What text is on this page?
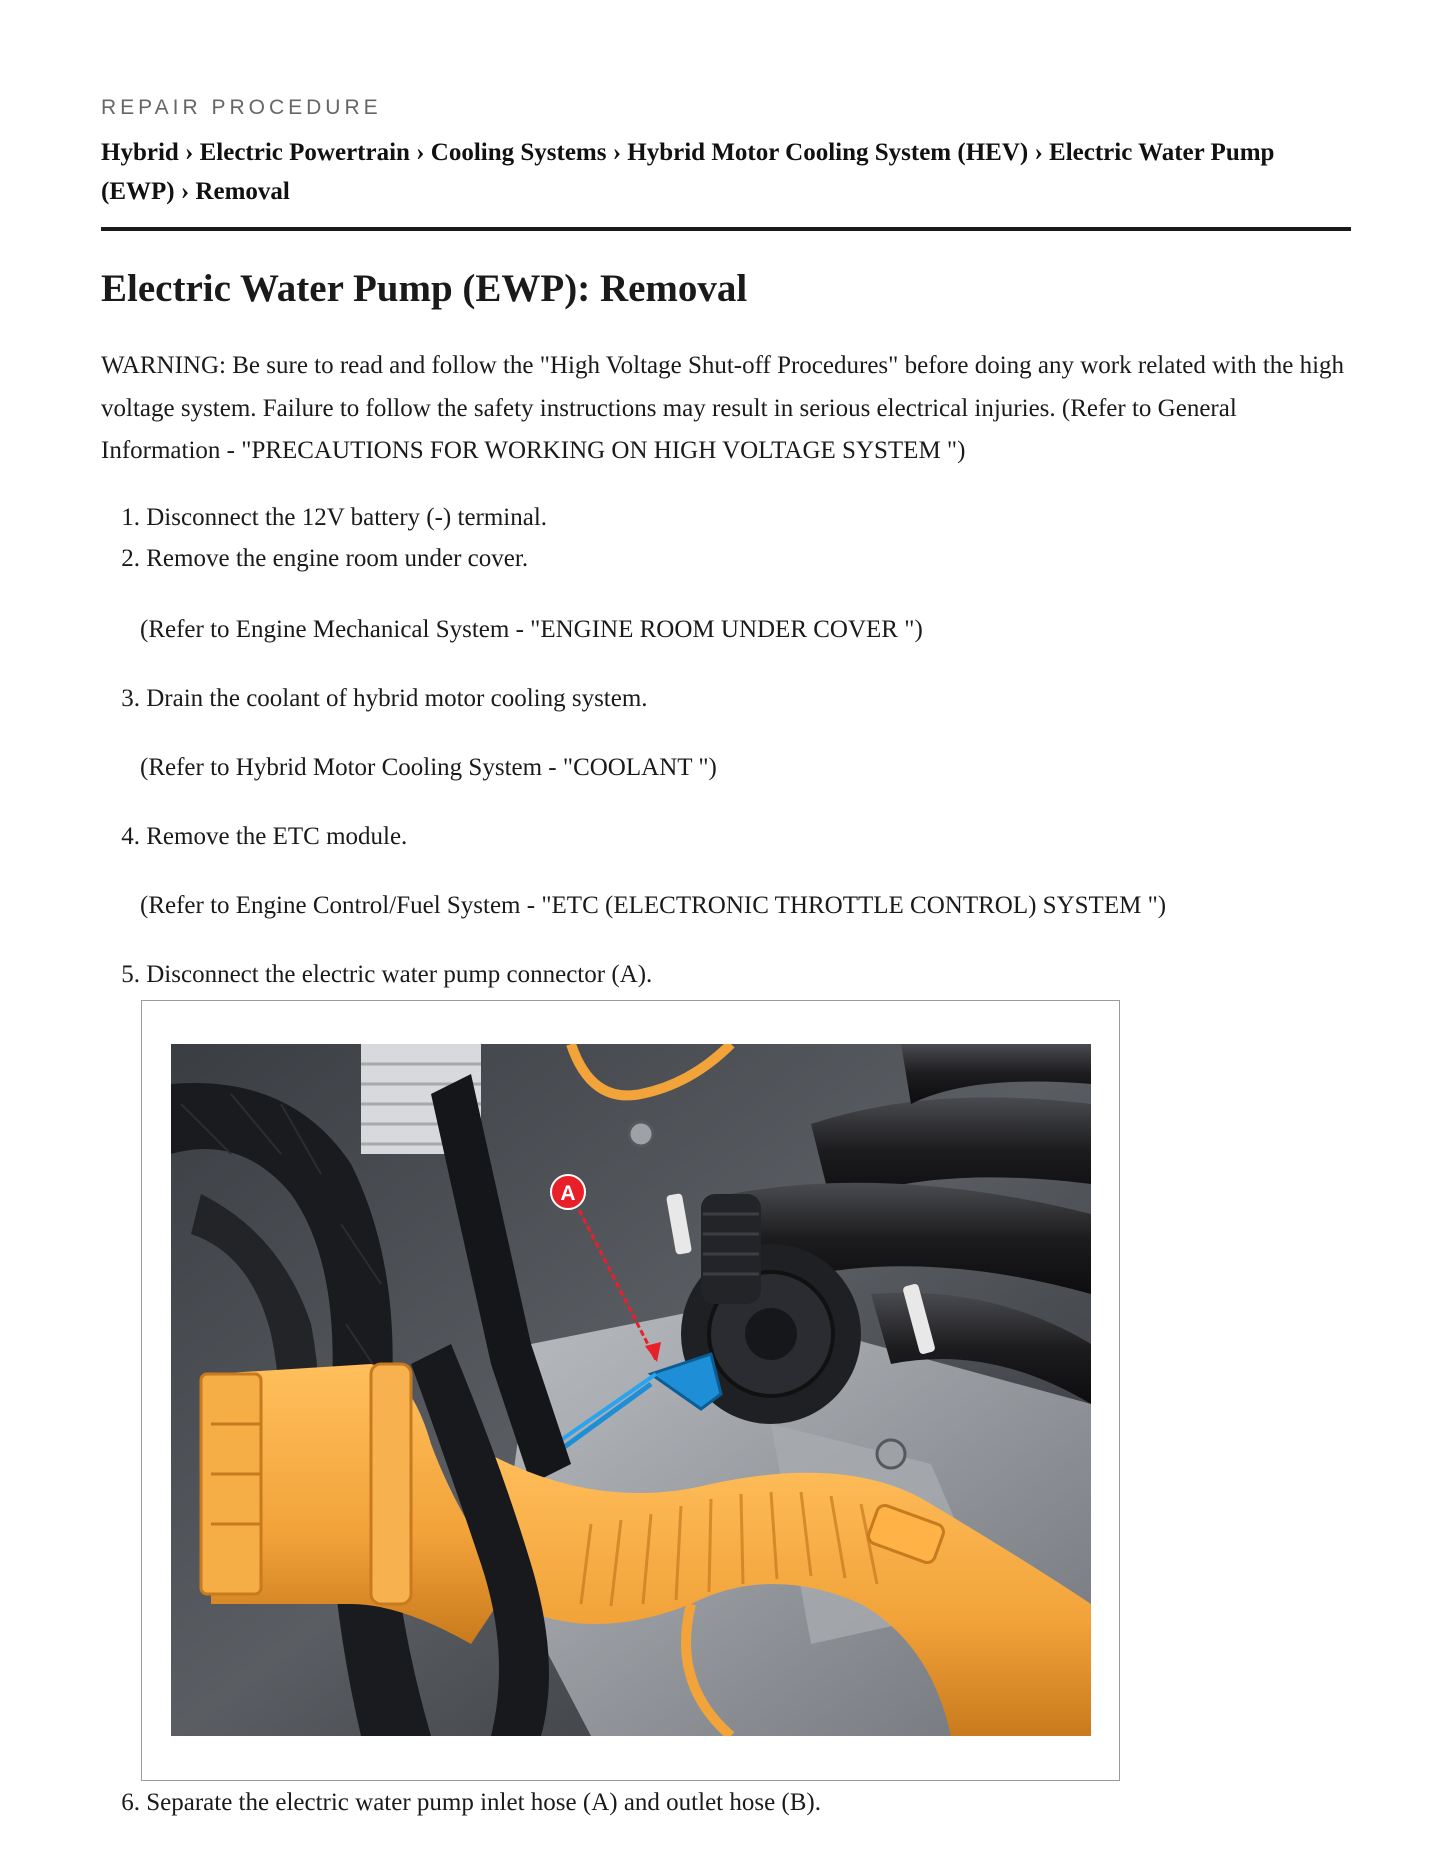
REPAIR PROCEDURE
Hybrid › Electric Powertrain › Cooling Systems › Hybrid Motor Cooling System (HEV) › Electric Water Pump (EWP) › Removal
Electric Water Pump (EWP): Removal

WARNING: Be sure to read and follow the "High Voltage Shut-off Procedures" before doing any work related with the high voltage system. Failure to follow the safety instructions may result in serious electrical injuries. (Refer to General Information - "PRECAUTIONS FOR WORKING ON HIGH VOLTAGE SYSTEM ")

1. Disconnect the 12V battery (-) terminal.
2. Remove the engine room under cover.
(Refer to Engine Mechanical System - "ENGINE ROOM UNDER COVER ")
3. Drain the coolant of hybrid motor cooling system.
(Refer to Hybrid Motor Cooling System - "COOLANT ")
4. Remove the ETC module.
(Refer to Engine Control/Fuel System - "ETC (ELECTRONIC THROTTLE CONTROL) SYSTEM ")
5. Disconnect the electric water pump connector (A).
A
6. Separate the electric water pump inlet hose (A) and outlet hose (B).
